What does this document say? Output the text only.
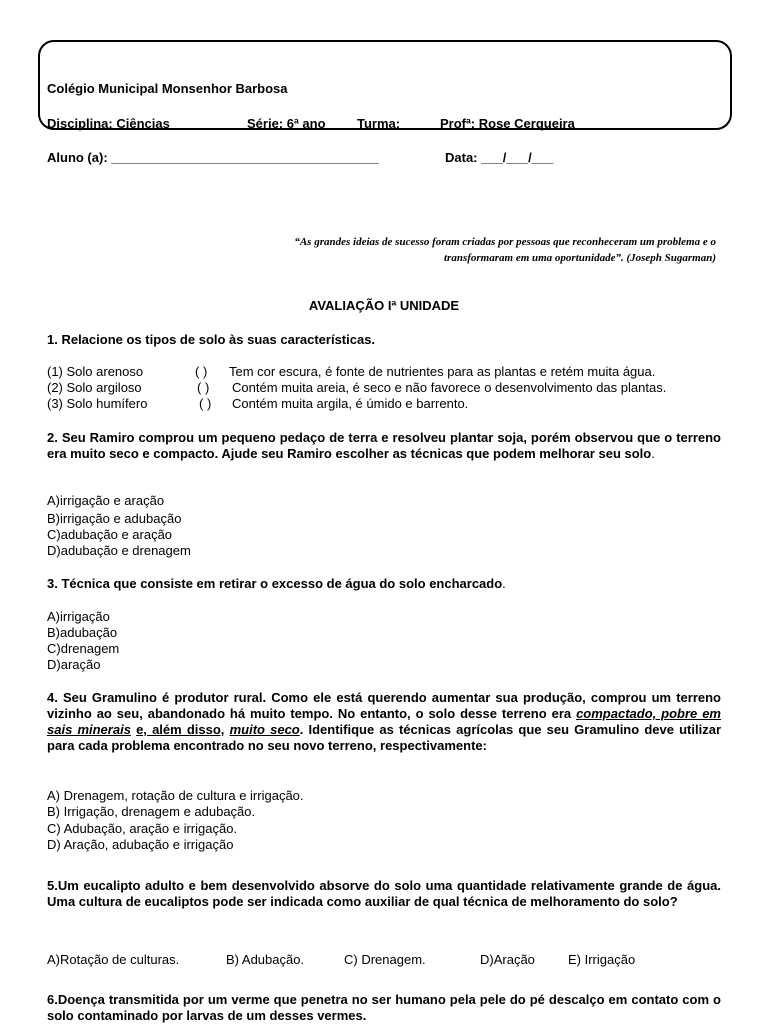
Colégio Municipal Monsenhor Barbosa
Disciplina: Ciências	Série: 6ª ano Turma:	Profª: Rose Cerqueira
Aluno (a): _____________________________________	Data: ___/___/___
“As grandes ideias de sucesso foram criadas por pessoas que reconheceram um problema e o
transformaram em uma oportunidade”. (Joseph Sugarman)
AVALIAÇÃO Iª UNIDADE
1. Relacione os tipos de solo às suas características.
(1) Solo arenoso	( ) Tem cor escura, é fonte de nutrientes para as plantas e retém muita água.
(2) Solo argiloso	( ) Contém muita areia, é seco e não favorece o desenvolvimento das plantas.
(3) Solo humífero	( ) Contém muita argila, é úmido e barrento.
2. Seu Ramiro comprou um pequeno pedaço de terra e resolveu plantar soja, porém observou que o terreno era muito seco e compacto. Ajude seu Ramiro escolher as técnicas que podem melhorar seu solo.
A)irrigação e aração
B)irrigação e adubação
C)adubação e aração
D)adubação e drenagem
3. Técnica que consiste em retirar o excesso de água do solo encharcado.
A)irrigação
B)adubação
C)drenagem
D)aração
4. Seu Gramulino é produtor rural. Como ele está querendo aumentar sua produção, comprou um terreno vizinho ao seu, abandonado há muito tempo. No entanto, o solo desse terreno era compactado, pobre em sais minerais e, além disso, muito seco. Identifique as técnicas agrícolas que seu Gramulino deve utilizar para cada problema encontrado no seu novo terreno, respectivamente:
A) Drenagem, rotação de cultura e irrigação.
B) Irrigação, drenagem e adubação.
C) Adubação, aração e irrigação.
D) Aração, adubação e irrigação
5.Um eucalipto adulto e bem desenvolvido absorve do solo uma quantidade relativamente grande de água. Uma cultura de eucaliptos pode ser indicada como auxiliar de qual técnica de melhoramento do solo?
A)Rotação de culturas.	B) Adubação.	C) Drenagem.	D)Aração	E) Irrigação
6.Doença transmitida por um verme que penetra no ser humano pela pele do pé descalço em contato com o solo contaminado por larvas de um desses vermes.
